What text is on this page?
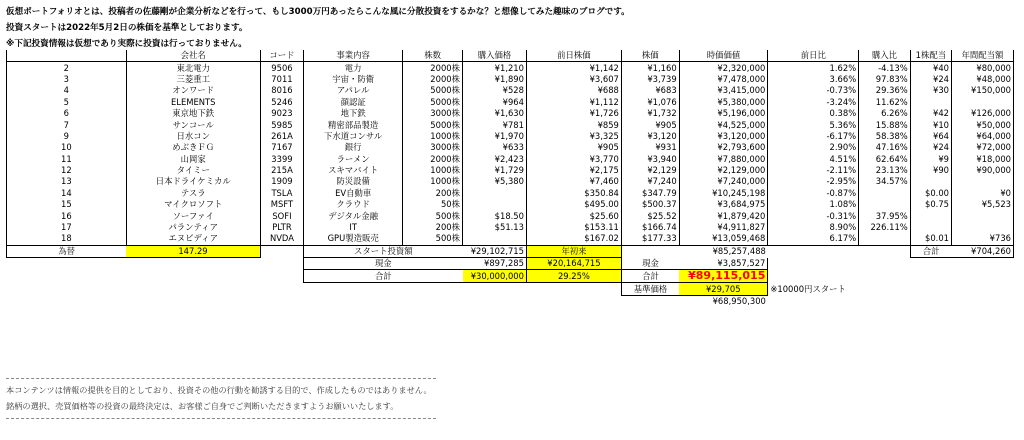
仮想ポートフォリオとは、投稿者の佐藤剛が企業分析などを行って、もし3000万円あったらこんな風に分散投資をするかな？と想像してみた趣味のブログです。
投資スタートは2022年5月2日の株価を基準としております。
※下記投資情報は仮想であり実際に投資は行っておりません。
	会社名	コード	事業内容	株数	購入価格	前日株価	株価	時価価値	前日比	購入比	1株配当	年間配当額
2	東北電力	9506	電力	2000株	¥1,210	¥1,142	¥1,160	¥2,320,000	1.62%	-4.13%	¥40	¥80,000
3	三菱重工	7011	宇宙・防衛	2000株	¥1,890	¥3,607	¥3,739	¥7,478,000	3.66%	97.83%	¥24	¥48,000
4	オンワード	8016	アパレル	5000株	¥528	¥688	¥683	¥3,415,000	-0.73%	29.36%	¥30	¥150,000
5	ELEMENTS	5246	顔認証	5000株	¥964	¥1,112	¥1,076	¥5,380,000	-3.24%	11.62%		
6	東京地下鉄	9023	地下鉄	3000株	¥1,630	¥1,726	¥1,732	¥5,196,000	0.38%	6.26%	¥42	¥126,000
7	サンコール	5985	精密部品製造	5000株	¥781	¥859	¥905	¥4,525,000	5.36%	15.88%	¥10	¥50,000
9	日水コン	261A	下水道コンサル	1000株	¥1,970	¥3,325	¥3,120	¥3,120,000	-6.17%	58.38%	¥64	¥64,000
10	めぶきＦＧ	7167	銀行	3000株	¥633	¥905	¥931	¥2,793,600	2.90%	47.16%	¥24	¥72,000
11	山岡家	3399	ラーメン	2000株	¥2,423	¥3,770	¥3,940	¥7,880,000	4.51%	62.64%	¥9	¥18,000
12	タイミー	215A	スキマバイト	1000株	¥1,729	¥2,175	¥2,129	¥2,129,000	-2.11%	23.13%	¥90	¥90,000
13	日本ドライケミカル	1909	防災設備	1000株	¥5,380	¥7,460	¥7,240	¥7,240,000	-2.95%	34.57%		
14	テスラ	TSLA	EV自動車	200株		$350.84	$347.79	¥10,245,198	-0.87%		$0.00	¥0
15	マイクロソフト	MSFT	クラウド	50株		$495.00	$500.37	¥3,684,975	1.08%		$0.75	¥5,523
16	ソーファイ	SOFI	デジタル金融	500株	$18.50	$25.60	$25.52	¥1,879,420	-0.31%	37.95%		
17	パランティア	PLTR	IT	200株	$51.13	$153.11	$166.74	¥4,911,827	8.90%	226.11%		
18	エヌビディア	NVDA	GPU製造販売	500株		$167.02	$177.33	¥13,059,468	6.17%		$0.01	¥736
為替	147.29		スタート投資額		¥29,102,715	年初来		¥85,257,488			合計	¥704,260
			現金		¥897,285	¥20,164,715	現金	¥3,857,527				
			合計		¥30,000,000	29.25%	合計	¥89,115,015				
							基準価格	¥29,705	※10000円スタート			
								¥68,950,300				
本コンテンツは情報の提供を目的としており、投資その他の行動を勧誘する目的で、作成したものではありません。
銘柄の選択、売買価格等の投資の最終決定は、お客様ご自身でご判断いただきますようお願いいたします。
